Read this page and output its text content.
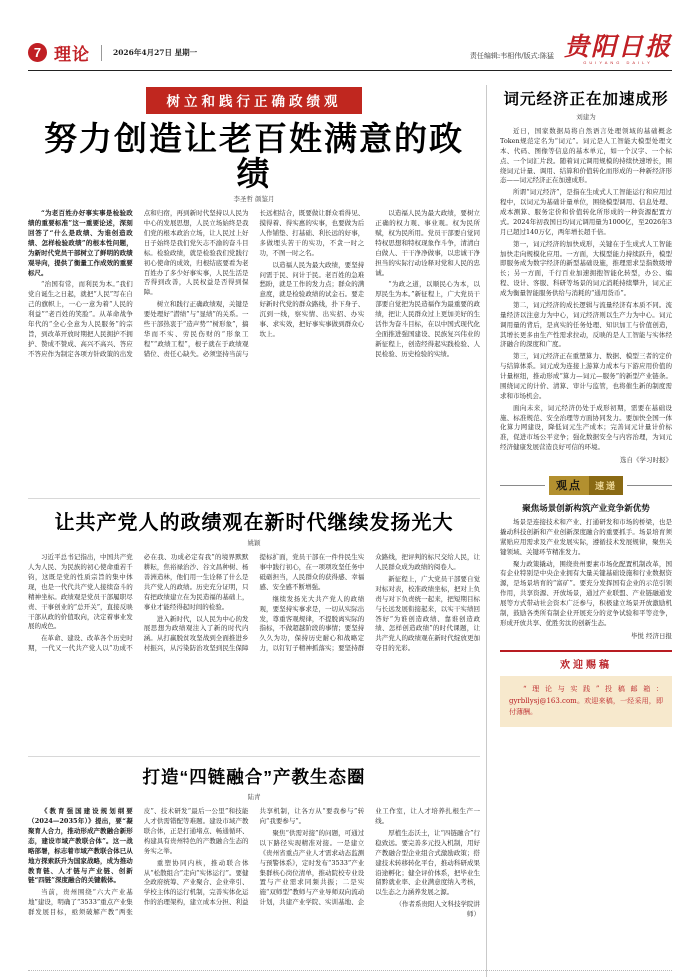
7 理论	2026年4月27日 星期一	责任编辑:韦相伟/版式:陈猛 贵阳日报
GUIYANG DAILY
树立和践行正确政绩观
努力创造让老百姓满意的政绩
李圣哲 颜鉴月

“为老百姓办好事实事是检验政绩的重要标准”这一重要论述，深刻回答了“什么是政绩、为谁创造政绩、怎样检验政绩”的根本性问题，为新时代党员干部树立了鲜明的政绩观导向，提供了衡量工作成效的重要标尺。

“治国有常，而利民为本。”我们党自诞生之日起，就把“人民”写在自己的旗帜上，一心一意为着“人民的利益”“老百姓的笑脸”。从革命战争年代的“全心全意为人民服务”的宗旨，到改革开放时期把人民拥护不拥护、赞成不赞成、高兴不高兴、答应不答应作为制定各项方针政策的出发点和归宿，再到新时代坚持以人民为中心的发展思想，人民立场始终是我们党的根本政治立场，让人民过上好日子始终是我们党矢志不渝的奋斗目标。检验政绩，就是检验我们党践行初心使命的成效，归根结底要看为老百姓办了多少好事实事，人民生活是否得到改善，人民权益是否得到保障。

树立和践行正确政绩观，关键是要处理好“潜绩”与“显绩”的关系。一些干部热衷于“造声势”“树形象”，搞华而不实、劳民伤财的“形象工程”“政绩工程”，根子就在于政绩观错位、责任心缺失。必须坚持当前与长远相结合，既要做让群众看得见、摸得着、得实惠的实事，也要做为后人作铺垫、打基础、利长远的好事，多做埋头苦干的实功，不贪一时之功，不图一时之名。

以造福人民为最大政绩，要坚持问需于民、问计于民。老百姓的急难愁盼，就是工作的发力点；群众的满意度，就是检验政绩的试金石。要走好新时代党的群众路线，扑下身子、沉到一线，察实情、出实招、办实事、求实效，把好事实事做到群众心坎上。

以造福人民为最大政绩，要树立正确的权力观、事业观。权为民所赋，权为民所用。党员干部要自觉同特权思想和特权现象作斗争，清清白白做人、干干净净做事，以忠诚干净担当的实际行动诠释对党和人民的忠诚。

“为政之道，以顺民心为本，以厚民生为本。”新征程上，广大党员干部要自觉把为民造福作为最重要的政绩，把让人民群众过上更加美好的生活作为奋斗目标，在以中国式现代化全面推进强国建设、民族复兴伟业的新征程上，创造经得起实践检验、人民检验、历史检验的实绩。

让共产党人的政绩观在新时代继续发扬光大
姚颖

习近平总书记指出，中国共产党人为人民、为民族的初心使命重若千钧，这既是党的性质宗旨的集中体现，也是一代代共产党人接续奋斗的精神坐标。政绩观是党员干部履职尽责、干事创业的“总开关”，直接反映干部从政的价值取向，决定着事业发展的成色。

在革命、建设、改革各个历史时期，一代又一代共产党人以“功成不必在我、功成必定有我”的境界默默耕耘，焦裕禄治沙、谷文昌种树、杨善洲造林，他们用一生诠释了什么是共产党人的政绩。历史充分证明，只有把政绩建立在为民造福的基础上，事业才能经得起时间的检验。

进入新时代，以人民为中心的发展思想为政绩观注入了新的时代内涵。从打赢脱贫攻坚战到全面推进乡村振兴，从污染防治攻坚到民生保障提标扩面，党员干部在一件件民生实事中践行初心，在一项项攻坚任务中砥砺担当，人民群众的获得感、幸福感、安全感不断增强。

继续发扬光大共产党人的政绩观，要坚持实事求是，一切从实际出发，尊重客观规律，不提脱离实际的指标，不做超越阶段的事情；要坚持久久为功，保持历史耐心和战略定力，以钉钉子精神抓落实；要坚持群众路线，把评判的标尺交给人民，让人民群众成为政绩的阅卷人。

新征程上，广大党员干部要自觉对标对表，校准政绩坐标，把对上负责与对下负责统一起来，把短期目标与长远发展衔接起来，以实干实绩回答好“为谁创造政绩、靠谁创造政绩、怎样创造政绩”的时代课题，让共产党人的政绩观在新时代绽放更加夺目的光彩。

打造“四链融合”产教生态圈
陆青

《教育强国建设规划纲要（2024—2035年）》提出，要“凝聚育人合力，推动形成产教融合新形态，建设市域产教联合体”。这一战略部署，标志着市域产教联合体已从地方探索跃升为国家战略，成为推动教育链、人才链与产业链、创新链“四链”深度融合的关键载体。

当前，贵州围绕“六大产业基地”建设，明确了“3533”重点产业集群发展目标，亟须破解产教“两张皮”、技术研发“最后一公里”和技能人才供需错配等难题。建设市域产教联合体，正是打通堵点、畅通循环、构建具有贵州特色的产教融合生态的务实之举。

重塑协同内核，推动联合体从“松散组合”走向“实体运行”。要健全政府统筹、产业聚合、企业牵引、学校主体的运行机制，完善实体化运作的治理架构，建立成本分担、利益共享机制，让各方从“要我参与”转向“我要参与”。

聚焦“供需对接”的问题，可通过以下路径实现精准对接。一是建立《贵州省重点产业人才需求动态监测与预警体系》，定时发布“3533”产业集群核心岗位清单，推动院校专业设置与产业需求同频共振；二是实施“双师型”教师与产业导师双向流动计划，共建产业学院、实训基地、企业工作室，让人才培养扎根生产一线。

厚植生态沃土，让“四链融合”行稳致远。要完善多元投入机制，用好产教融合型企业组合式激励政策；搭建技术转移转化平台，推动科研成果沿途孵化；健全评价体系，把毕业生留黔就业率、企业满意度纳入考核，以生态之力涵养发展之源。

（作者系贵阳人文科技学院讲师）

词元经济正在加速成形
刘建为

近日，国家数据局将自然语言处理领域的基础概念Token规范定名为“词元”。词元是人工智能大模型处理文本、代码、图像等信息的基本单元，如一个汉字、一个标点、一个词汇片段。随着词元调用规模的持续快速增长，围绕词元计量、调用、结算和价值转化而形成的一种新经济形态——词元经济正在加速成形。

所谓“词元经济”，是指在生成式人工智能运行和应用过程中，以词元为基础计量单位，围绕模型调用、信息处理、成本测算、服务定价和价值转化所形成的一种资源配置方式。2024年初我国日均词元调用量为1000亿，至2026年3月已超过140万亿，两年增长超千倍。

第一，词元经济的加快成形，关键在于生成式人工智能加快走向规模化应用。一方面，大模型能力持续跃升，模型即服务成为数字经济的新型基础设施，推理需求呈指数级增长；另一方面，千行百业加速拥抱智能化转型，办公、编程、设计、客服、科研等场景的词元消耗持续攀升，词元正成为衡量智能服务供给与消耗的“通用货币”。

第二，词元经济的成长逻辑与流量经济有本质不同。流量经济以注意力为中心，词元经济则以生产力为中心。词元调用量的背后，是真实的任务处理、知识加工与价值创造，其增长更多由生产性需求拉动，反映的是人工智能与实体经济融合的深度和广度。

第三，词元经济正在重塑算力、数据、模型三者的定价与结算体系。词元成为连接上游算力成本与下游应用价值的计量枢纽，推动形成“算力—词元—服务”的新型产业链条。围绕词元的计价、清算、审计与监管，也将催生新的制度需求和市场机会。

面向未来，词元经济仍处于成形初期，需要在基础设施、标准规范、安全治理等方面协同发力。要加快全国一体化算力网建设，降低词元生产成本；完善词元计量计价标准，促进市场公平竞争；强化数据安全与内容治理，为词元经济健康发展营造良好可信的环境。

选自《学习时报》
观点	速递
聚焦场景创新构筑产业竞争新优势

场景是连接技术和产业、打通研发和市场的桥梁，也是撬动科技创新和产业创新深度融合的重要抓手。场景培育须紧贴应用需求及产业发展实际，遵循技术发展规律，聚焦关键领域、关键环节精准发力。

聚力政策撬动，围绕贵州要素市场化配置机制改革，国有企业特别是中央企业拥有大量关键基础设施和行业数据资源，是场景培育的“富矿”。要充分发挥国有企业的示范引领作用，共享资源、开放场景，通过产业联盟、产业链融通发展等方式带动社会资本广泛参与，积极建立场景开放激励机制，鼓励各类所有制企业开展充分的竞争试验和平等竞争，形成开放共享、优胜劣汰的创新生态。

毕悦 经济日报
欢迎赐稿

“理论与实践”投稿邮箱：gyrbllysj@163.com。欢迎来稿，一经采用，即付薄酬。
